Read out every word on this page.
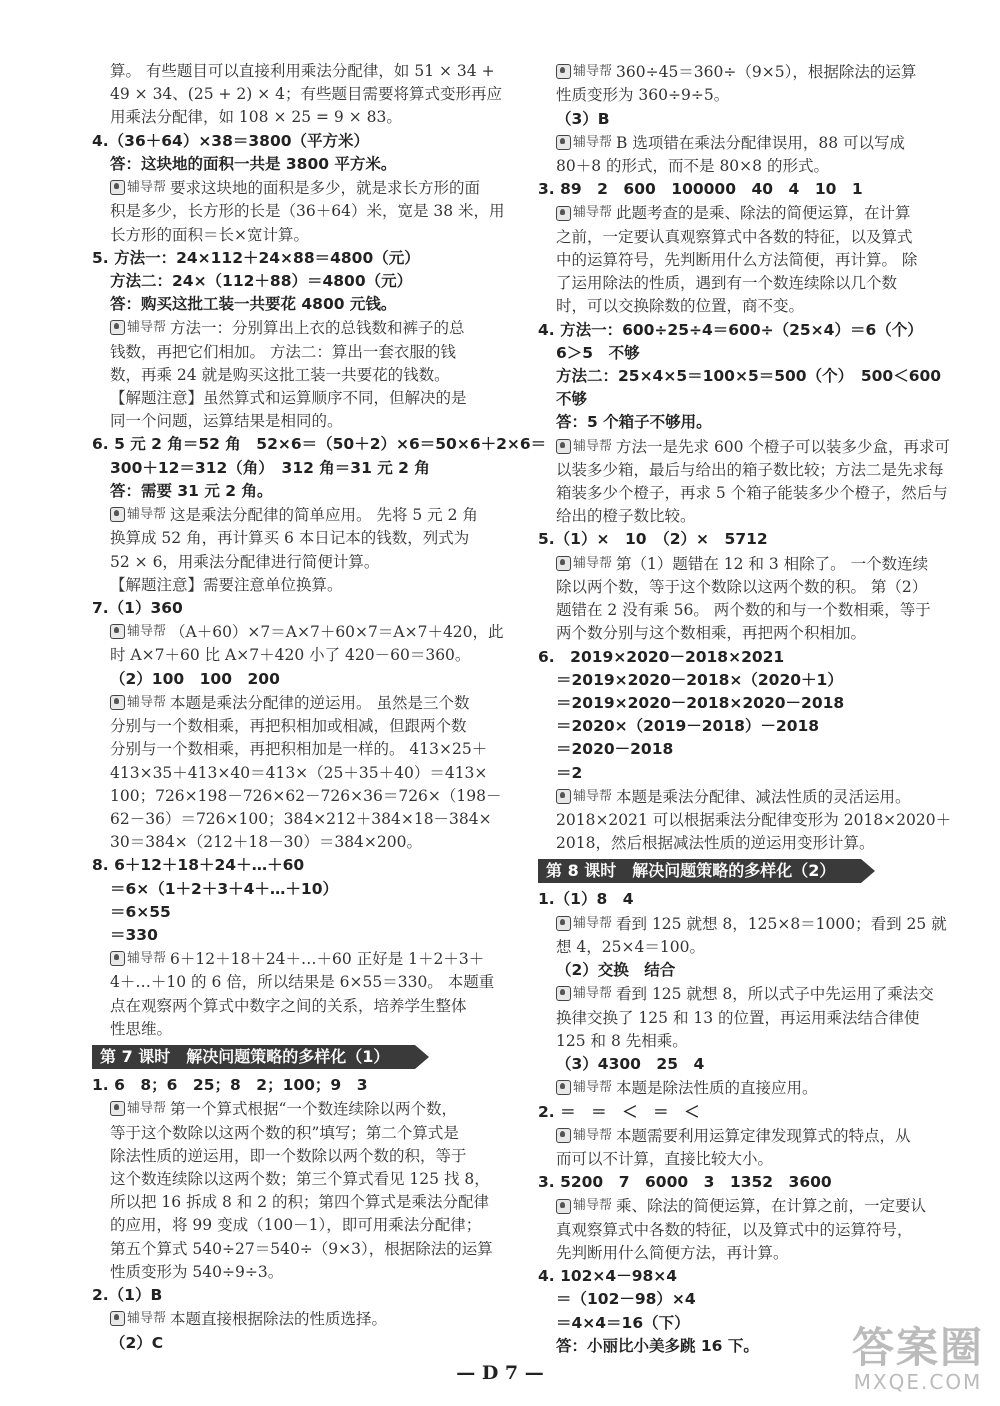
算。 有些题目可以直接利用乘法分配律，如 51 × 34 +
49 × 34、(25 + 2) × 4；有些题目需要将算式变形再应
用乘法分配律，如 108 × 25 = 9 × 83。
4.（36＋64）×38＝3800（平方米）
答：这块地的面积一共是 3800 平方米。
辅导帮 要求这块地的面积是多少，就是求长方形的面
积是多少，长方形的长是（36＋64）米，宽是 38 米，用
长方形的面积＝长×宽计算。
5. 方法一：24×112＋24×88＝4800（元）
方法二：24×（112＋88）＝4800（元）
答：购买这批工装一共要花 4800 元钱。
辅导帮 方法一：分别算出上衣的总钱数和裤子的总
钱数，再把它们相加。 方法二：算出一套衣服的钱
数，再乘 24 就是购买这批工装一共要花的钱数。
【解题注意】虽然算式和运算顺序不同，但解决的是
同一个问题，运算结果是相同的。
6. 5 元 2 角＝52 角　52×6＝（50＋2）×6＝50×6＋2×6＝
300＋12＝312（角）　312 角＝31 元 2 角
答：需要 31 元 2 角。
辅导帮 这是乘法分配律的简单应用。 先将 5 元 2 角
换算成 52 角，再计算买 6 本日记本的钱数，列式为
52 × 6，用乘法分配律进行简便计算。
【解题注意】需要注意单位换算。
7.（1）360
辅导帮 （A＋60）×7＝A×7＋60×7＝A×7＋420，此
时 A×7＋60 比 A×7＋420 小了 420－60＝360。
（2）100　100　200
辅导帮 本题是乘法分配律的逆运用。 虽然是三个数
分别与一个数相乘，再把积相加或相减，但跟两个数
分别与一个数相乘，再把积相加是一样的。 413×25＋
413×35＋413×40＝413×（25＋35＋40）＝413×
100；726×198－726×62－726×36＝726×（198－
62－36）＝726×100；384×212＋384×18－384×
30＝384×（212＋18－30）＝384×200。
8. 6＋12＋18＋24＋…＋60
＝6×（1＋2＋3＋4＋…＋10）
＝6×55
＝330
辅导帮 6＋12＋18＋24＋…＋60 正好是 1＋2＋3＋
4＋…＋10 的 6 倍，所以结果是 6×55＝330。 本题重
点在观察两个算式中数字之间的关系，培养学生整体
性思维。
第 7 课时　解决问题策略的多样化（1）
1. 6　8；6　25；8　2；100；9　3
辅导帮 第一个算式根据“一个数连续除以两个数，
等于这个数除以这两个数的积”填写；第二个算式是
除法性质的逆运用，即一个数除以两个数的积，等于
这个数连续除以这两个数；第三个算式看见 125 找 8，
所以把 16 拆成 8 和 2 的积；第四个算式是乘法分配律
的应用，将 99 变成（100－1），即可用乘法分配律；
第五个算式 540÷27＝540÷（9×3），根据除法的运算
性质变形为 540÷9÷3。
2.（1）B
辅导帮 本题直接根据除法的性质选择。
（2）C
辅导帮 360÷45＝360÷（9×5），根据除法的运算
性质变形为 360÷9÷5。
（3）B
辅导帮 B 选项错在乘法分配律误用，88 可以写成
80＋8 的形式，而不是 80×8 的形式。
3. 89　2　600　100000　40　4　10　1
辅导帮 此题考查的是乘、除法的简便运算，在计算
之前，一定要认真观察算式中各数的特征，以及算式
中的运算符号，先判断用什么方法简便，再计算。 除
了运用除法的性质，遇到有一个数连续除以几个数
时，可以交换除数的位置，商不变。
4. 方法一：600÷25÷4＝600÷（25×4）＝6（个）
6＞5　不够
方法二：25×4×5＝100×5＝500（个）　500＜600
不够
答：5 个箱子不够用。
辅导帮 方法一是先求 600 个橙子可以装多少盒，再求可
以装多少箱，最后与给出的箱子数比较；方法二是先求每
箱装多少个橙子，再求 5 个箱子能装多少个橙子，然后与
给出的橙子数比较。
5.（1）×　10　（2）×　5712
辅导帮 第（1）题错在 12 和 3 相除了。 一个数连续
除以两个数，等于这个数除以这两个数的积。 第（2）
题错在 2 没有乘 56。 两个数的和与一个数相乘，等于
两个数分别与这个数相乘，再把两个积相加。
6.　2019×2020－2018×2021
＝2019×2020－2018×（2020＋1）
＝2019×2020－2018×2020－2018
＝2020×（2019－2018）－2018
＝2020－2018
＝2
辅导帮 本题是乘法分配律、减法性质的灵活运用。
2018×2021 可以根据乘法分配律变形为 2018×2020＋
2018，然后根据减法性质的逆运用变形计算。
第 8 课时　解决问题策略的多样化（2）
1.（1）8　4
辅导帮 看到 125 就想 8，125×8＝1000；看到 25 就
想 4，25×4＝100。
（2）交换　结合
辅导帮 看到 125 就想 8，所以式子中先运用了乘法交
换律交换了 125 和 13 的位置，再运用乘法结合律使
125 和 8 先相乘。
（3）4300　25　4
辅导帮 本题是除法性质的直接应用。
2. ＝　＝　＜　＝　＜
辅导帮 本题需要利用运算定律发现算式的特点，从
而可以不计算，直接比较大小。
3. 5200　7　6000　3　1352　3600
辅导帮 乘、除法的简便运算，在计算之前，一定要认
真观察算式中各数的特征，以及算式中的运算符号，
先判断用什么简便方法，再计算。
4. 102×4－98×4
＝（102－98）×4
＝4×4＝16（下）
答：小丽比小美多跳 16 下。
— D 7 —
答案圈
MXQE.COM
